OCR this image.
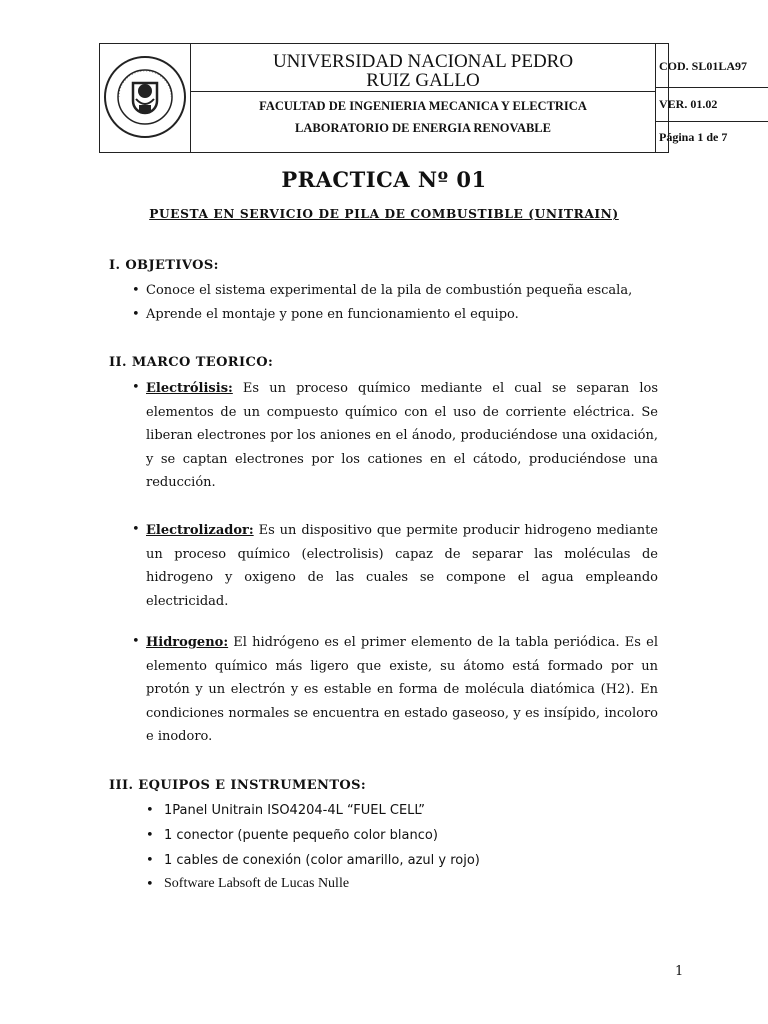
UNIVERSIDAD NACIONAL PEDRO
RUIZ GALLO
FACULTAD DE INGENIERIA MECANICA Y ELECTRICA
LABORATORIO DE ENERGIA RENOVABLE
COD. SL01LA97
VER. 01.02
Página 1 de 7
PRACTICA Nº 01
PUESTA EN SERVICIO DE PILA DE COMBUSTIBLE (UNITRAIN)
I. OBJETIVOS:
• Conoce el sistema experimental de la pila de combustión pequeña escala,
• Aprende el montaje y pone en funcionamiento el equipo.
II. MARCO TEORICO:
• Electrólisis: Es un proceso químico mediante el cual se separan los elementos de un compuesto químico con el uso de corriente eléctrica. Se liberan electrones por los aniones en el ánodo, produciéndose una oxidación, y se captan electrones por los cationes en el cátodo, produciéndose una reducción.
• Electrolizador: Es un dispositivo que permite producir hidrogeno mediante un proceso químico (electrolisis) capaz de separar las moléculas de hidrogeno y oxigeno de las cuales se compone el agua empleando electricidad.
• Hidrogeno: El hidrógeno es el primer elemento de la tabla periódica. Es el elemento químico más ligero que existe, su átomo está formado por un protón y un electrón y es estable en forma de molécula diatómica (H2). En condiciones normales se encuentra en estado gaseoso, y es insípido, incoloro e inodoro.
III. EQUIPOS E INSTRUMENTOS:
• 1Panel Unitrain ISO4204-4L “FUEL CELL”
• 1 conector (puente pequeño color blanco)
• 1 cables de conexión (color amarillo, azul y rojo)
• Software Labsoft de Lucas Nulle
1
